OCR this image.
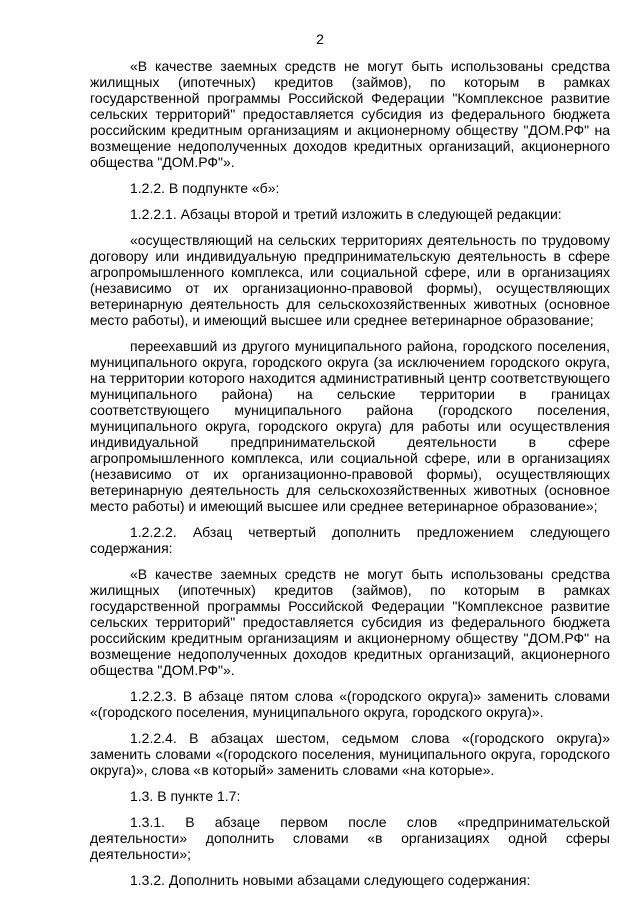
2

«В качестве заемных средств не могут быть использованы средства жилищных (ипотечных) кредитов (займов), по которым в рамках государственной программы Российской Федерации "Комплексное развитие сельских территорий" предоставляется субсидия из федерального бюджета российским кредитным организациям и акционерному обществу "ДОМ.РФ" на возмещение недополученных доходов кредитных организаций, акционерного общества "ДОМ.РФ"».

1.2.2. В подпункте «б»:

1.2.2.1. Абзацы второй и третий изложить в следующей редакции:

«осуществляющий на сельских территориях деятельность по трудовому договору или индивидуальную предпринимательскую деятельность в сфере агропромышленного комплекса, или социальной сфере, или в организациях (независимо от их организационно-правовой формы), осуществляющих ветеринарную деятельность для сельскохозяйственных животных (основное место работы), и имеющий высшее или среднее ветеринарное образование;

переехавший из другого муниципального района, городского поселения, муниципального округа, городского округа (за исключением городского округа, на территории которого находится административный центр соответствующего муниципального района) на сельские территории в границах соответствующего муниципального района (городского поселения, муниципального округа, городского округа) для работы или осуществления индивидуальной предпринимательской деятельности в сфере агропромышленного комплекса, или социальной сфере, или в организациях (независимо от их организационно-правовой формы), осуществляющих ветеринарную деятельность для сельскохозяйственных животных (основное место работы) и имеющий высшее или среднее ветеринарное образование»;

1.2.2.2. Абзац четвертый дополнить предложением следующего содержания:

«В качестве заемных средств не могут быть использованы средства жилищных (ипотечных) кредитов (займов), по которым в рамках государственной программы Российской Федерации "Комплексное развитие сельских территорий" предоставляется субсидия из федерального бюджета российским кредитным организациям и акционерному обществу "ДОМ.РФ" на возмещение недополученных доходов кредитных организаций, акционерного общества "ДОМ.РФ"».

1.2.2.3. В абзаце пятом слова «(городского округа)» заменить словами «(городского поселения, муниципального округа, городского округа)».

1.2.2.4. В абзацах шестом, седьмом слова «(городского округа)» заменить словами «(городского поселения, муниципального округа, городского округа)», слова «в который» заменить словами «на которые».

1.3. В пункте 1.7:

1.3.1. В абзаце первом после слов «предпринимательской деятельности» дополнить словами «в организациях одной сферы деятельности»;

1.3.2. Дополнить новыми абзацами следующего содержания:
